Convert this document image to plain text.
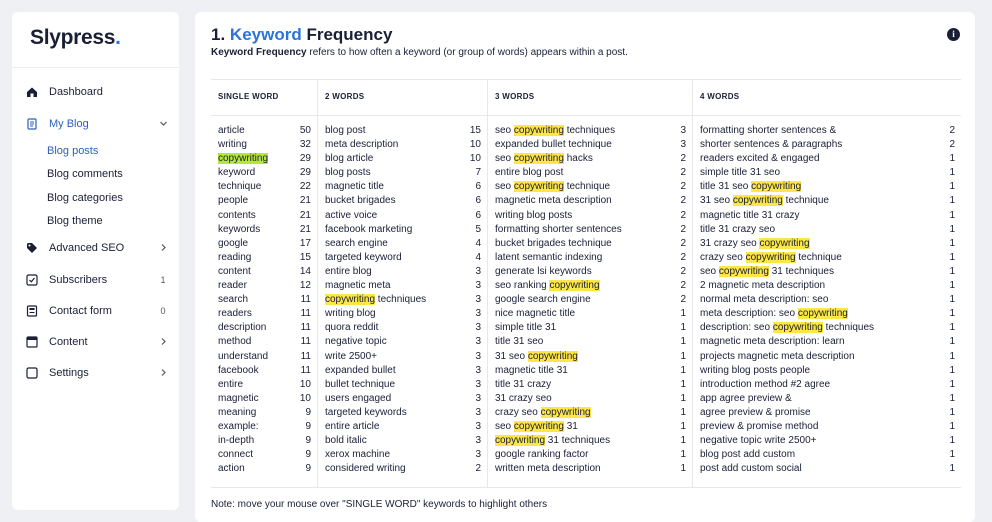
Slypress.
Dashboard
My Blog
Blog posts
Blog comments
Blog categories
Blog theme
Advanced SEO
Subscribers	1
Contact form	0
Content
Settings
1. Keyword Frequency	i
Keyword Frequency refers to how often a keyword (or group of words) appears within a post.
SINGLE WORD
article	50
writing	32
copywriting	29
keyword	29
technique	22
people	21
contents	21
keywords	21
google	17
reading	15
content	14
reader	12
search	11
readers	11
description	11
method	11
understand	11
facebook	11
entire	10
magnetic	10
meaning	9
example:	9
in-depth	9
connect	9
action	9
2 WORDS
blog post	15
meta description	10
blog article	10
blog posts	7
magnetic title	6
bucket brigades	6
active voice	6
facebook marketing	5
search engine	4
targeted keyword	4
entire blog	3
magnetic meta	3
copywriting techniques	3
writing blog	3
quora reddit	3
negative topic	3
write 2500+	3
expanded bullet	3
bullet technique	3
users engaged	3
targeted keywords	3
entire article	3
bold italic	3
xerox machine	3
considered writing	2
3 WORDS
seo copywriting techniques	3
expanded bullet technique	3
seo copywriting hacks	2
entire blog post	2
seo copywriting technique	2
magnetic meta description	2
writing blog posts	2
formatting shorter sentences	2
bucket brigades technique	2
latent semantic indexing	2
generate lsi keywords	2
seo ranking copywriting	2
google search engine	2
nice magnetic title	1
simple title 31	1
title 31 seo	1
31 seo copywriting	1
magnetic title 31	1
title 31 crazy	1
31 crazy seo	1
crazy seo copywriting	1
seo copywriting 31	1
copywriting 31 techniques	1
google ranking factor	1
written meta description	1
4 WORDS
formatting shorter sentences &	2
shorter sentences & paragraphs	2
readers excited & engaged	1
simple title 31 seo	1
title 31 seo copywriting	1
31 seo copywriting technique	1
magnetic title 31 crazy	1
title 31 crazy seo	1
31 crazy seo copywriting	1
crazy seo copywriting technique	1
seo copywriting 31 techniques	1
2 magnetic meta description	1
normal meta description: seo	1
meta description: seo copywriting	1
description: seo copywriting techniques	1
magnetic meta description: learn	1
projects magnetic meta description	1
writing blog posts people	1
introduction method #2 agree	1
app agree preview &	1
agree preview & promise	1
preview & promise method	1
negative topic write 2500+	1
blog post add custom	1
post add custom social	1
Note: move your mouse over "SINGLE WORD" keywords to highlight others
